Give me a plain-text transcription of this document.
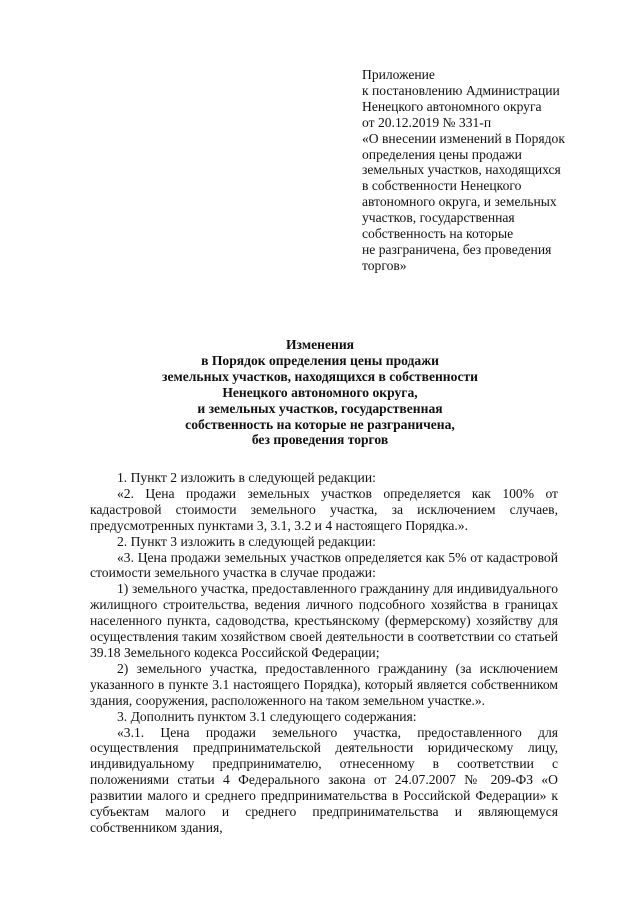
Приложение
к постановлению Администрации
Ненецкого автономного округа
от 20.12.2019 № 331-п
«О внесении изменений в Порядок
определения цены продажи
земельных участков, находящихся
в собственности Ненецкого
автономного округа, и земельных
участков, государственная
собственность на которые
не разграничена, без проведения
торгов»
Изменения
в Порядок определения цены продажи
земельных участков, находящихся в собственности
Ненецкого автономного округа,
и земельных участков, государственная
собственность на которые не разграничена,
без проведения торгов

1. Пункт 2 изложить в следующей редакции:

«2. Цена продажи земельных участков определяется как 100% от кадастровой стоимости земельного участка, за исключением случаев, предусмотренных пунктами 3, 3.1, 3.2 и 4 настоящего Порядка.».

2. Пункт 3 изложить в следующей редакции:

«3. Цена продажи земельных участков определяется как 5% от кадастровой стоимости земельного участка в случае продажи:

1) земельного участка, предоставленного гражданину для индивидуального жилищного строительства, ведения личного подсобного хозяйства в границах населенного пункта, садоводства, крестьянскому (фермерскому) хозяйству для осуществления таким хозяйством своей деятельности в соответствии со статьей 39.18 Земельного кодекса Российской Федерации;

2) земельного участка, предоставленного гражданину (за исключением указанного в пункте 3.1 настоящего Порядка), который является собственником здания, сооружения, расположенного на таком земельном участке.».

3. Дополнить пунктом 3.1 следующего содержания:

«3.1. Цена продажи земельного участка, предоставленного для осуществления предпринимательской деятельности юридическому лицу, индивидуальному предпринимателю, отнесенному в соответствии с положениями статьи 4 Федерального закона от 24.07.2007 № 209-ФЗ «О развитии малого и среднего предпринимательства в Российской Федерации» к субъектам малого и среднего предпринимательства и являющемуся собственником здания,
